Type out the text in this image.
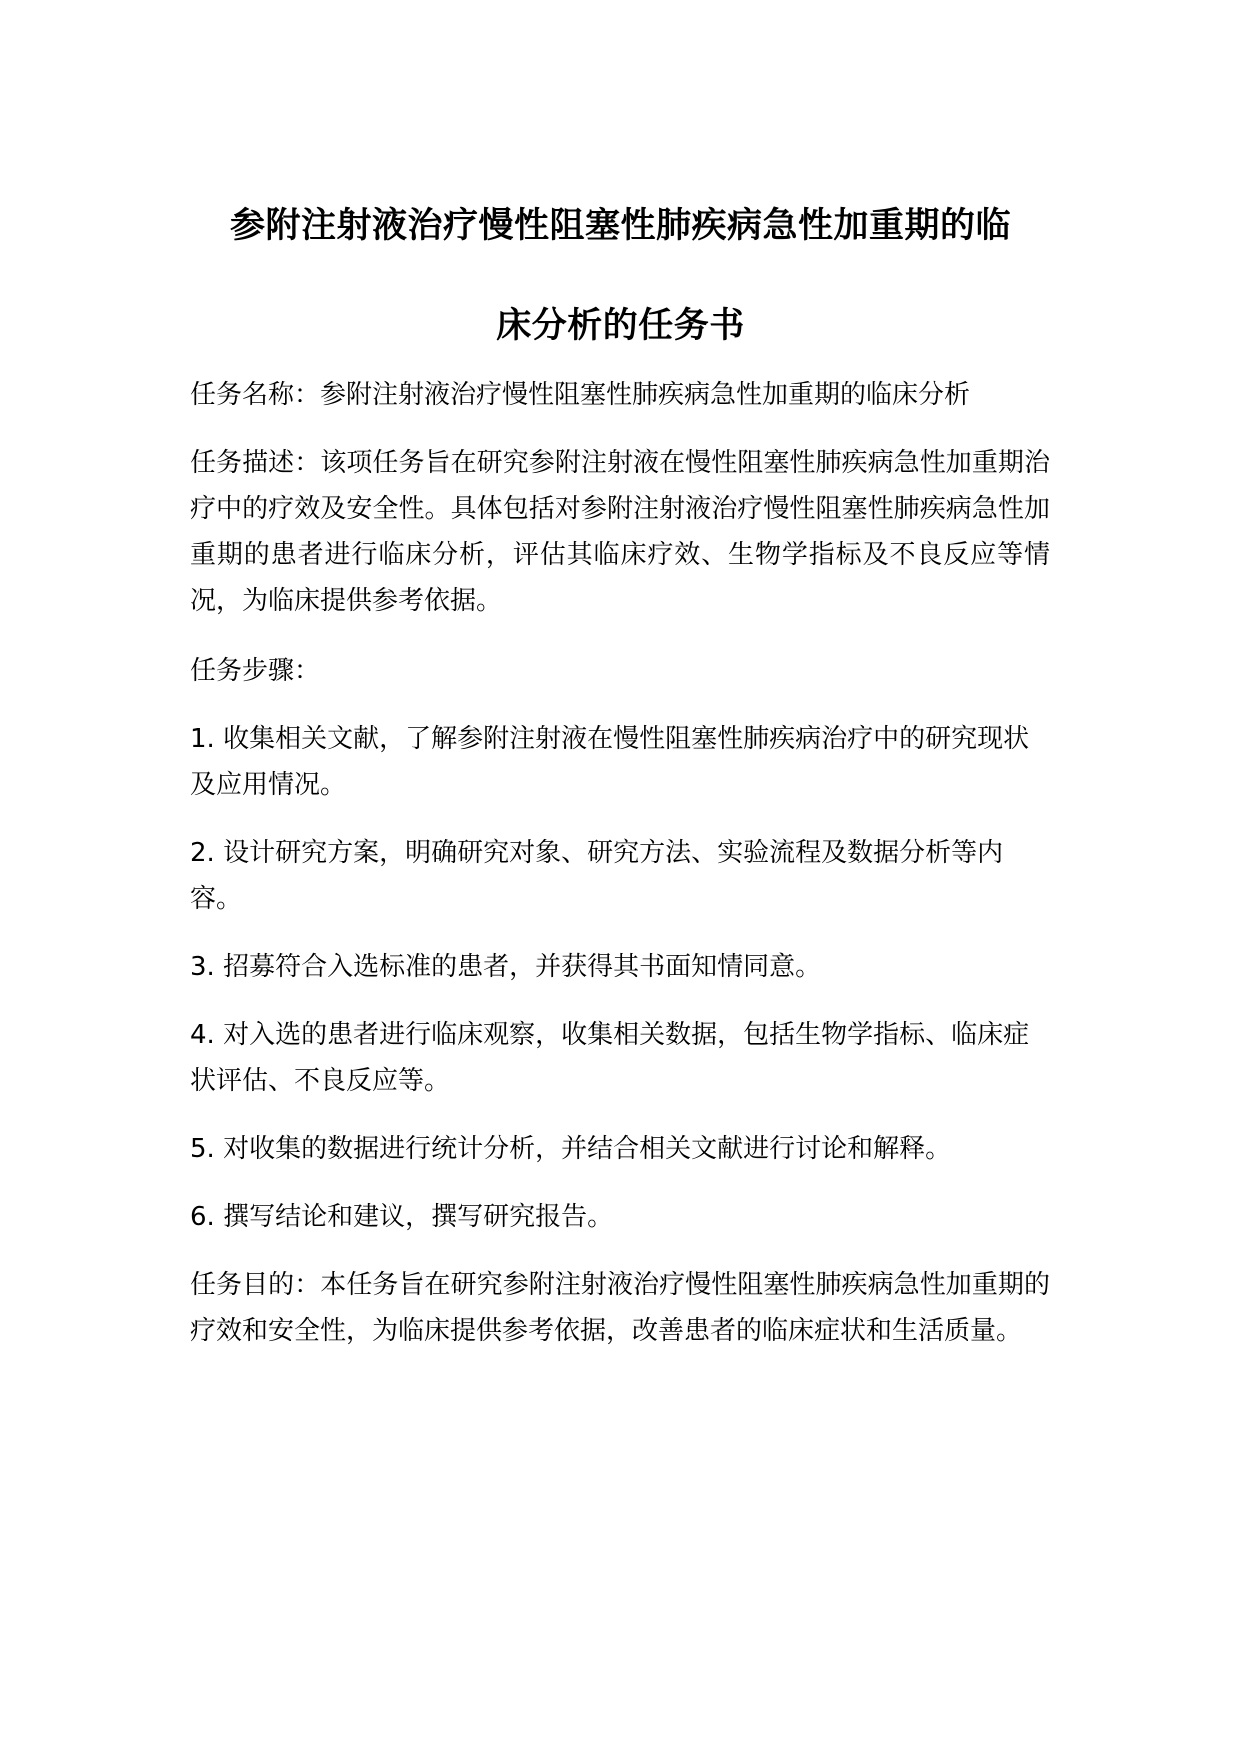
参附注射液治疗慢性阻塞性肺疾病急性加重期的临
床分析的任务书

任务名称：参附注射液治疗慢性阻塞性肺疾病急性加重期的临床分析

任务描述：该项任务旨在研究参附注射液在慢性阻塞性肺疾病急性加重期治疗中的疗效及安全性。具体包括对参附注射液治疗慢性阻塞性肺疾病急性加重期的患者进行临床分析，评估其临床疗效、生物学指标及不良反应等情况，为临床提供参考依据。

任务步骤：

1. 收集相关文献，了解参附注射液在慢性阻塞性肺疾病治疗中的研究现状及应用情况。

2. 设计研究方案，明确研究对象、研究方法、实验流程及数据分析等内容。

3. 招募符合入选标准的患者，并获得其书面知情同意。

4. 对入选的患者进行临床观察，收集相关数据，包括生物学指标、临床症状评估、不良反应等。

5. 对收集的数据进行统计分析，并结合相关文献进行讨论和解释。

6. 撰写结论和建议，撰写研究报告。

任务目的：本任务旨在研究参附注射液治疗慢性阻塞性肺疾病急性加重期的疗效和安全性，为临床提供参考依据，改善患者的临床症状和生活质量。
